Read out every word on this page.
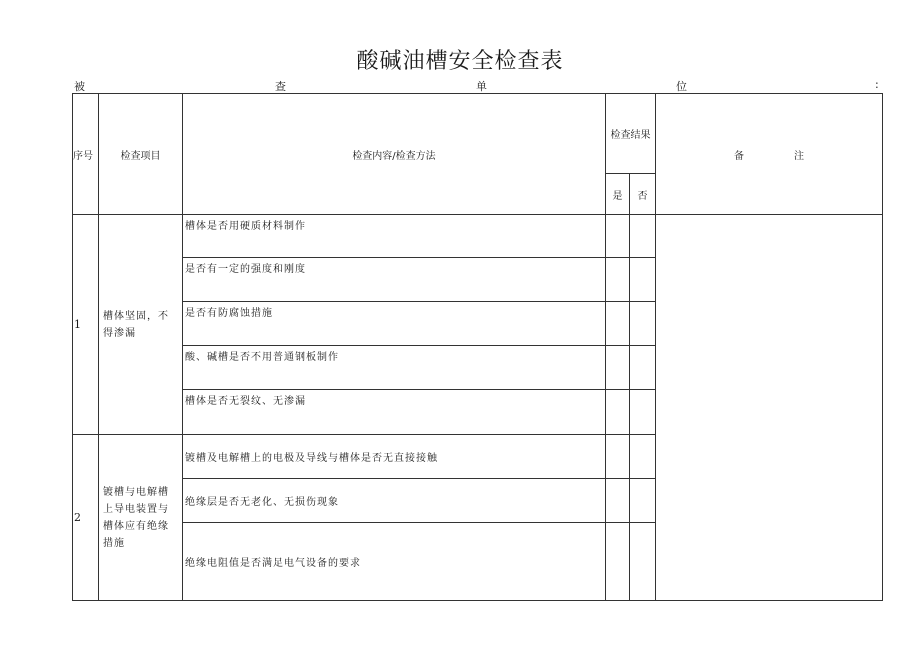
酸碱油槽安全检查表
被	查	单	位	:
序号	检查项目	检查内容/检查方法	检查结果		备 注
			是	否	
1	槽体坚固，不得渗漏	槽体是否用硬质材料制作			
		是否有一定的强度和刚度			
		是否有防腐蚀措施			
		酸、碱槽是否不用普通钢板制作			
		槽体是否无裂纹、无渗漏			
2	镀槽与电解槽上导电装置与槽体应有绝缘措施	镀槽及电解槽上的电极及导线与槽体是否无直接接触			
		绝缘层是否无老化、无损伤现象			
		绝缘电阻值是否满足电气设备的要求			
